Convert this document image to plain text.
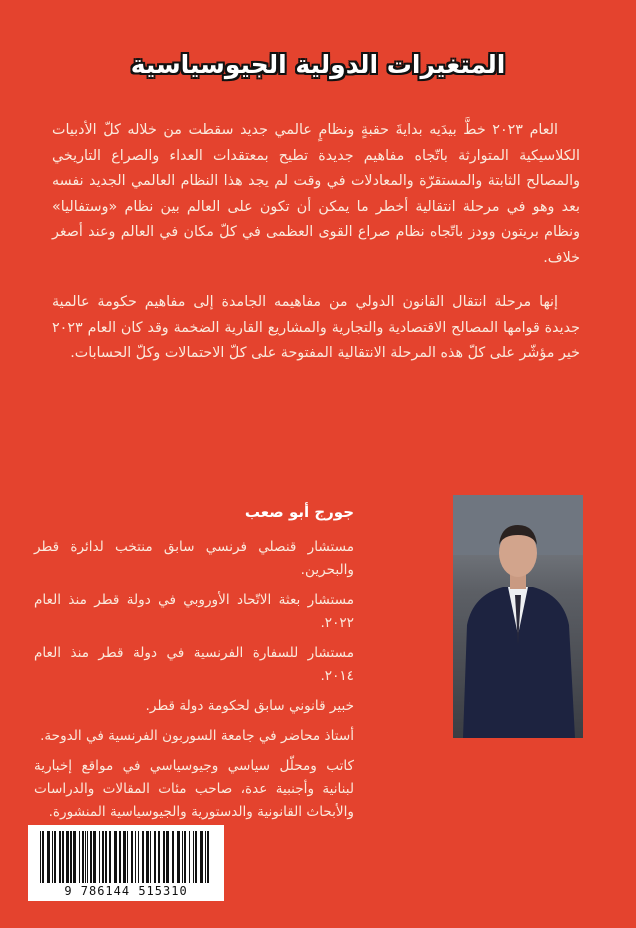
المتغيرات الدولية الجيوسياسية
العام ٢٠٢٣ خطَّ بيدَيه بدايةَ حقبةٍ ونظامٍ عالمي جديد سقطت من خلاله كلّ الأدبيات الكلاسيكية المتوارثة باتّجاه مفاهيم جديدة تطيح بمعتقدات العداء والصراع التاريخي والمصالح الثابتة والمستقرّة والمعادلات في وقت لم يجد هذا النظام العالمي الجديد نفسه بعد وهو في مرحلة انتقالية أخطر ما يمكن أن تكون على العالم بين نظام «وستفاليا» ونظام بريتون وودز باتّجاه نظام صراع القوى العظمى في كلّ مكان في العالم وعند أصغر خلاف.
إنها مرحلة انتقال القانون الدولي من مفاهيمه الجامدة إلى مفاهيم حكومة عالمية جديدة قوامها المصالح الاقتصادية والتجارية والمشاريع القارية الضخمة وقد كان العام ٢٠٢٣ خير مؤشّر على كلّ هذه المرحلة الانتقالية المفتوحة على كلّ الاحتمالات وكلّ الحسابات.
جورج أبو صعب
مستشار قنصلي فرنسي سابق منتخب لدائرة قطر والبحرين.
مستشار بعثة الاتّحاد الأوروبي في دولة قطر منذ العام ٢٠٢٢.
مستشار للسفارة الفرنسية في دولة قطر منذ العام ٢٠١٤.
خبير قانوني سابق لحكومة دولة قطر.
أستاذ محاضر في جامعة السوربون الفرنسية في الدوحة.
كاتب ومحلّل سياسي وجيوسياسي في مواقع إخبارية لبنانية وأجنبية عدة، صاحب مئات المقالات والدراسات والأبحاث القانونية والدستورية والجيوسياسية المنشورة.
9 786144 515310
